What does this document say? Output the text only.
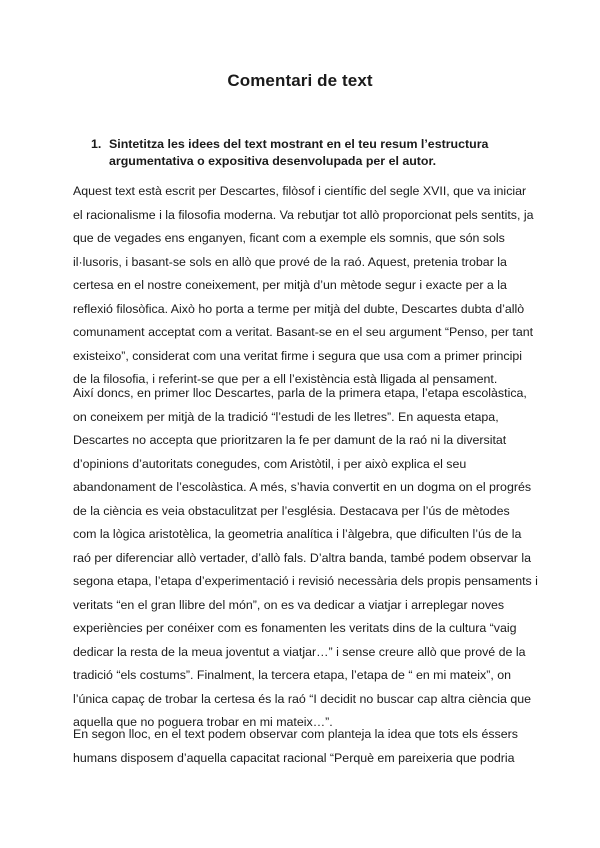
Comentari de text
1. Sintetitza les idees del text mostrant en el teu resum l’estructura
argumentativa o expositiva desenvolupada per el autor.
Aquest text està escrit per Descartes, filòsof i científic del segle XVII, que va iniciar
el racionalisme i la filosofia moderna. Va rebutjar tot allò proporcionat pels sentits, ja
que de vegades ens enganyen, ficant com a exemple els somnis, que són sols
il·lusoris, i basant-se sols en allò que prové de la raó. Aquest, pretenia trobar la
certesa en el nostre coneixement, per mitjà d’un mètode segur i exacte per a la
reflexió filosòfica. Això ho porta a terme per mitjà del dubte, Descartes dubta d’allò
comunament acceptat com a veritat. Basant-se en el seu argument “Penso, per tant
existeixo”, considerat com una veritat firme i segura que usa com a primer principi
de la filosofia, i referint-se que per a ell l’existència està lligada al pensament.
Així doncs, en primer lloc Descartes, parla de la primera etapa, l’etapa escolàstica,
on coneixem per mitjà de la tradició “l’estudi de les lletres”. En aquesta etapa,
Descartes no accepta que prioritzaren la fe per damunt de la raó ni la diversitat
d’opinions d’autoritats conegudes, com Aristòtil, i per això explica el seu
abandonament de l’escolàstica. A més, s’havia convertit en un dogma on el progrés
de la ciència es veia obstaculitzat per l’església. Destacava per l’ús de mètodes
com la lògica aristotèlica, la geometria analítica i l’àlgebra, que dificulten l’ús de la
raó per diferenciar allò vertader, d’allò fals. D’altra banda, també podem observar la
segona etapa, l’etapa d’experimentació i revisió necessària dels propis pensaments i
veritats “en el gran llibre del món”, on es va dedicar a viatjar i arreplegar noves
experiències per conéixer com es fonamenten les veritats dins de la cultura “vaig
dedicar la resta de la meua joventut a viatjar…” i sense creure allò que prové de la
tradició “els costums”. Finalment, la tercera etapa, l’etapa de “ en mi mateix”, on
l’única capaç de trobar la certesa és la raó “I decidit no buscar cap altra ciència que
aquella que no poguera trobar en mi mateix…”.
En segon lloc, en el text podem observar com planteja la idea que tots els éssers
humans disposem d’aquella capacitat racional “Perquè em pareixeria que podria
